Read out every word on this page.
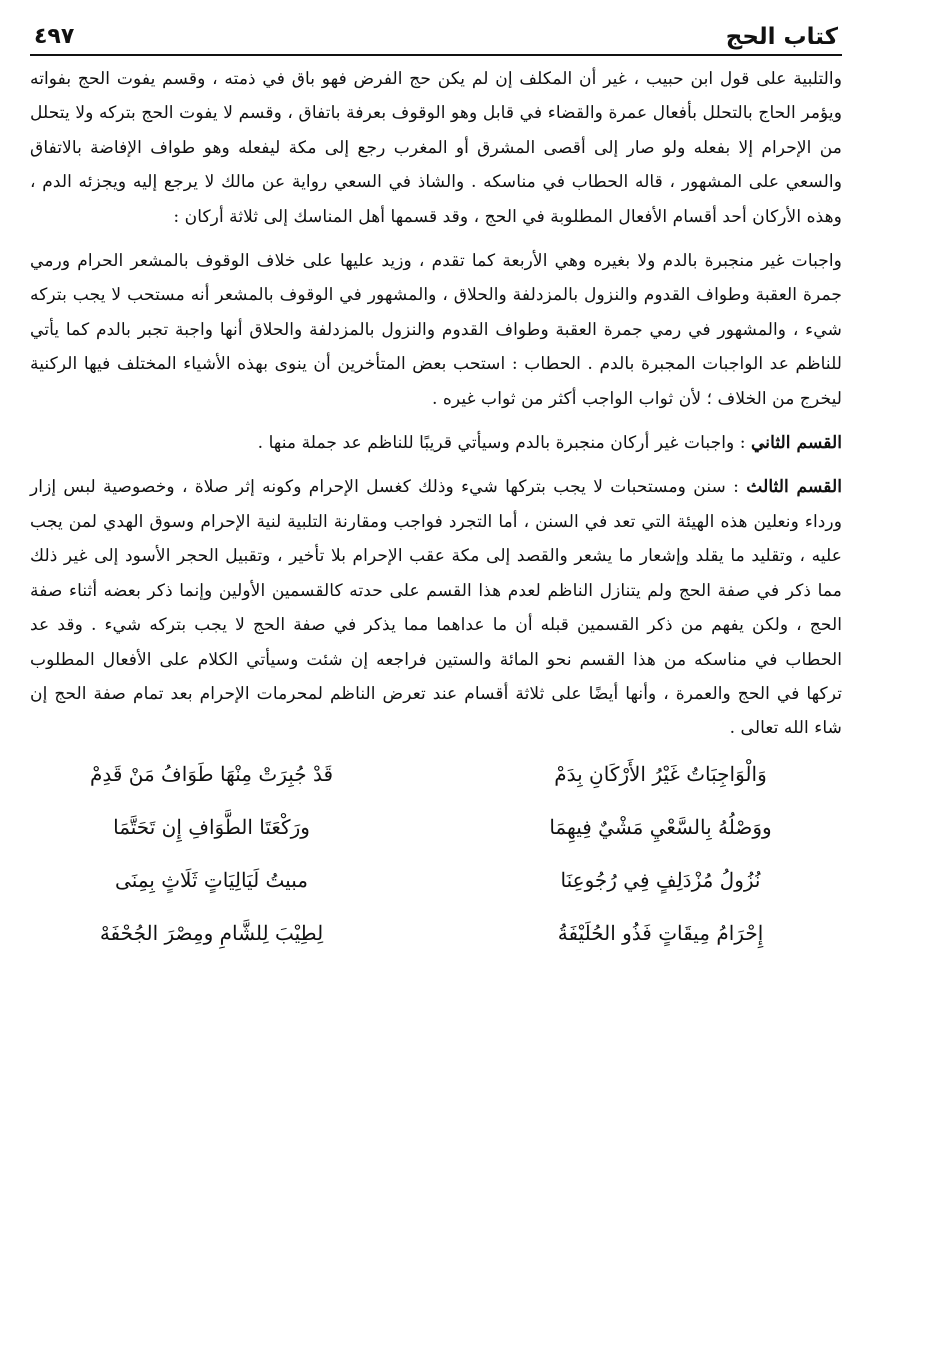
كتاب الحج
٤٩٧

والتلبية على قول ابن حبيب ، غير أن المكلف إن لم يكن حج الفرض فهو باق في ذمته ، وقسم يفوت الحج بفواته ويؤمر الحاج بالتحلل بأفعال عمرة والقضاء في قابل وهو الوقوف بعرفة باتفاق ، وقسم لا يفوت الحج بتركه ولا يتحلل من الإحرام إلا بفعله ولو صار إلى أقصى المشرق أو المغرب رجع إلى مكة ليفعله وهو طواف الإفاضة بالاتفاق والسعي على المشهور ، قاله الحطاب في مناسكه . والشاذ في السعي رواية عن مالك لا يرجع إليه ويجزئه الدم ، وهذه الأركان أحد أقسام الأفعال المطلوبة في الحج ، وقد قسمها أهل المناسك إلى ثلاثة أركان :

واجبات غير منجبرة بالدم ولا بغيره وهي الأربعة كما تقدم ، وزيد عليها على خلاف الوقوف بالمشعر الحرام ورمي جمرة العقبة وطواف القدوم والنزول بالمزدلفة والحلاق ، والمشهور في الوقوف بالمشعر أنه مستحب لا يجب بتركه شيء ، والمشهور في رمي جمرة العقبة وطواف القدوم والنزول بالمزدلفة والحلاق أنها واجبة تجبر بالدم كما يأتي للناظم عد الواجبات المجبرة بالدم . الحطاب : استحب بعض المتأخرين أن ينوى بهذه الأشياء المختلف فيها الركنية ليخرج من الخلاف ؛ لأن ثواب الواجب أكثر من ثواب غيره .

القسم الثاني : واجبات غير أركان منجبرة بالدم وسيأتي قريبًا للناظم عد جملة منها .

القسم الثالث : سنن ومستحبات لا يجب بتركها شيء وذلك كغسل الإحرام وكونه إثر صلاة ، وخصوصية لبس إزار ورداء ونعلين هذه الهيئة التي تعد في السنن ، أما التجرد فواجب ومقارنة التلبية لنية الإحرام وسوق الهدي لمن يجب عليه ، وتقليد ما يقلد وإشعار ما يشعر والقصد إلى مكة عقب الإحرام بلا تأخير ، وتقبيل الحجر الأسود إلى غير ذلك مما ذكر في صفة الحج ولم يتنازل الناظم لعدم هذا القسم على حدته كالقسمين الأولين وإنما ذكر بعضه أثناء صفة الحج ، ولكن يفهم من ذكر القسمين قبله أن ما عداهما مما يذكر في صفة الحج لا يجب بتركه شيء . وقد عد الحطاب في مناسكه من هذا القسم نحو المائة والستين فراجعه إن شئت وسيأتي الكلام على الأفعال المطلوب تركها في الحج والعمرة ، وأنها أيضًا على ثلاثة أقسام عند تعرض الناظم لمحرمات الإحرام بعد تمام صفة الحج إن شاء الله تعالى .

وَالْوَاجِبَاتُ غَيْرُ الأَرْكَانِ بِدَمْ
قَدْ جُبِرَتْ مِنْهَا طَوَافُ مَنْ قَدِمْ
ووَصْلُهُ بِالسَّعْيِ مَشْيٌ فِيهِمَا
ورَكْعَتَا الطَّوَافِ إِن تَحَتَّمَا
نُزُولُ مُزْدَلِفٍ فِي رُجُوعِنَا
مبيتُ لَيَالِيَاتٍ ثَلَاثٍ بِمِنَى
إِحْرَامُ مِيقَاتٍ فَذُو الحُلَيْفَةُ
لِطِيْبَ لِلشَّامِ ومِصْرَ الجُحْفَهْ
